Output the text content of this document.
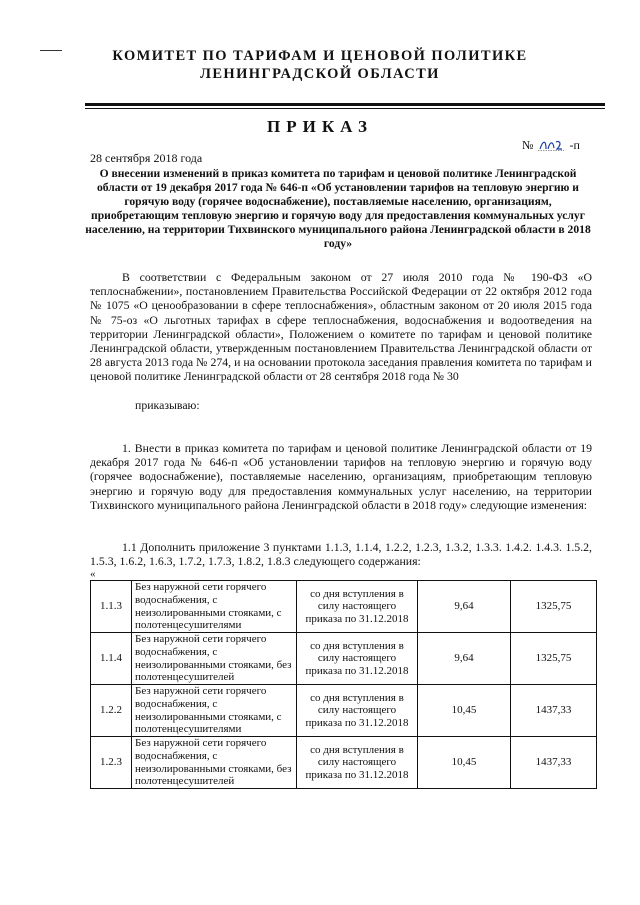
КОМИТЕТ ПО ТАРИФАМ И ЦЕНОВОЙ ПОЛИТИКЕ
ЛЕНИНГРАДСКОЙ ОБЛАСТИ
ПРИКАЗ
№	-п
28 сентября 2018 года
О внесении изменений в приказ комитета по тарифам и ценовой политике Ленинградской области от 19 декабря 2017 года № 646-п «Об установлении тарифов на тепловую энергию и горячую воду (горячее водоснабжение), поставляемые населению, организациям, приобретающим тепловую энергию и горячую воду для предоставления коммунальных услуг населению, на территории Тихвинского муниципального района Ленинградской области в 2018 году»

В соответствии с Федеральным законом от 27 июля 2010 года № 190-ФЗ «О теплоснабжении», постановлением Правительства Российской Федерации от 22 октября 2012 года № 1075 «О ценообразовании в сфере теплоснабжения», областным законом от 20 июля 2015 года № 75-оз «О льготных тарифах в сфере теплоснабжения, водоснабжения и водоотведения на территории Ленинградской области», Положением о комитете по тарифам и ценовой политике Ленинградской области, утвержденным постановлением Правительства Ленинградской области от 28 августа 2013 года № 274, и на основании протокола заседания правления комитета по тарифам и ценовой политике Ленинградской области от 28 сентября 2018 года № 30

приказываю:

1. Внести в приказ комитета по тарифам и ценовой политике Ленинградской области от 19 декабря 2017 года № 646-п «Об установлении тарифов на тепловую энергию и горячую воду (горячее водоснабжение), поставляемые населению, организациям, приобретающим тепловую энергию и горячую воду для предоставления коммунальных услуг населению, на территории Тихвинского муниципального района Ленинградской области в 2018 году» следующие изменения:

1.1 Дополнить приложение 3 пунктами 1.1.3, 1.1.4, 1.2.2, 1.2.3, 1.3.2, 1.3.3. 1.4.2. 1.4.3. 1.5.2, 1.5.3, 1.6.2, 1.6.3, 1.7.2, 1.7.3, 1.8.2, 1.8.3 следующего содержания:

«
1.1.3	Без наружной сети горячего водоснабжения, с неизолированными стояками, с полотенцесушителями	со дня вступления в силу настоящего приказа по 31.12.2018	9,64	1325,75
1.1.4	Без наружной сети горячего водоснабжения, с неизолированными стояками, без полотенцесушителей	со дня вступления в силу настоящего приказа по 31.12.2018	9,64	1325,75
1.2.2	Без наружной сети горячего водоснабжения, с неизолированными стояками, с полотенцесушителями	со дня вступления в силу настоящего приказа по 31.12.2018	10,45	1437,33
1.2.3	Без наружной сети горячего водоснабжения, с неизолированными стояками, без полотенцесушителей	со дня вступления в силу настоящего приказа по 31.12.2018	10,45	1437,33
